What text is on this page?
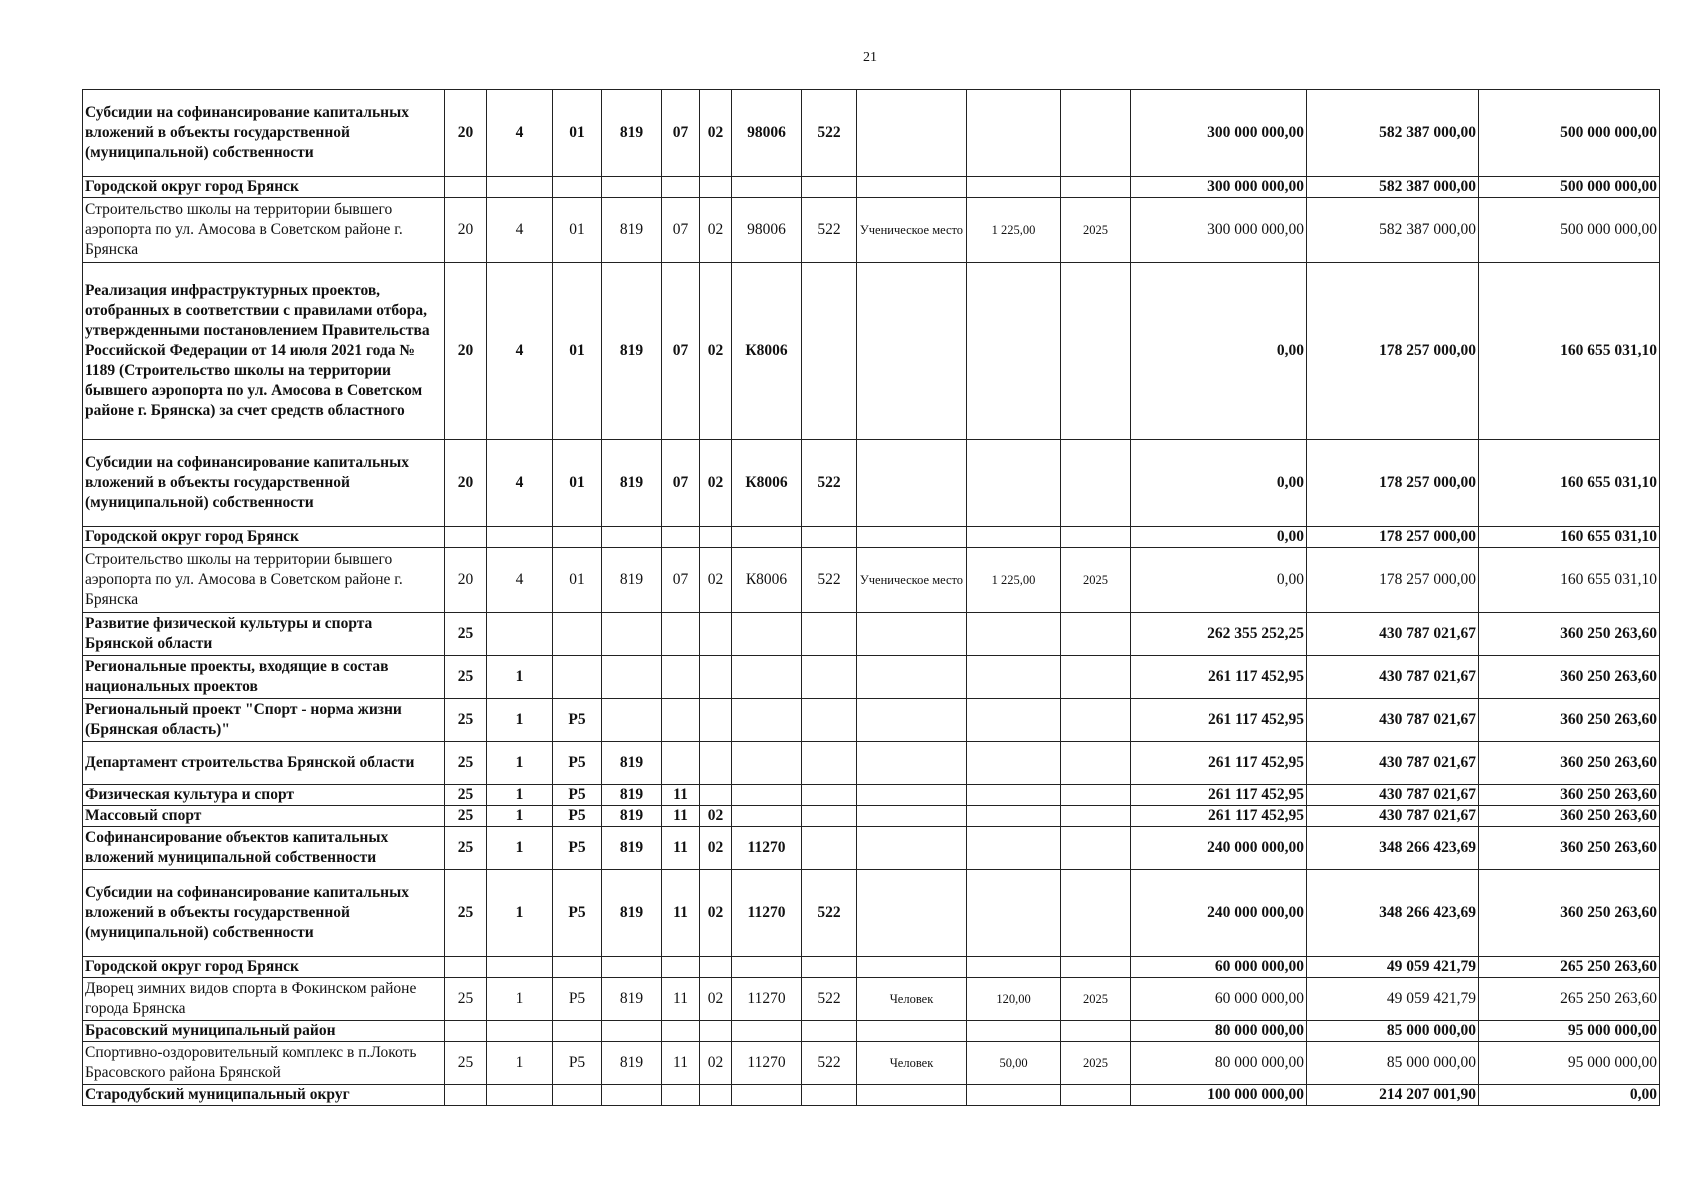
21
Субсидии на софинансирование капитальных вложений в объекты государственной (муниципальной) собственности	20	4	01	819	07	02	98006	522				300 000 000,00	582 387 000,00	500 000 000,00
Городской округ город Брянск												300 000 000,00	582 387 000,00	500 000 000,00
Строительство школы на территории бывшего аэропорта по ул. Амосова в Советском районе г. Брянска	20	4	01	819	07	02	98006	522	Ученическое место	1 225,00	2025	300 000 000,00	582 387 000,00	500 000 000,00
Реализация инфраструктурных проектов, отобранных в соответствии с правилами отбора, утвержденными постановлением Правительства Российской Федерации от 14 июля 2021 года № 1189 (Строительство школы на территории бывшего аэропорта по ул. Амосова в Советском районе г. Брянска) за счет средств областного	20	4	01	819	07	02	К8006					0,00	178 257 000,00	160 655 031,10
Субсидии на софинансирование капитальных вложений в объекты государственной (муниципальной) собственности	20	4	01	819	07	02	К8006	522				0,00	178 257 000,00	160 655 031,10
Городской округ город Брянск												0,00	178 257 000,00	160 655 031,10
Строительство школы на территории бывшего аэропорта по ул. Амосова в Советском районе г. Брянска	20	4	01	819	07	02	К8006	522	Ученическое место	1 225,00	2025	0,00	178 257 000,00	160 655 031,10
Развитие физической культуры и спорта Брянской области	25											262 355 252,25	430 787 021,67	360 250 263,60
Региональные проекты, входящие в состав национальных проектов	25	1										261 117 452,95	430 787 021,67	360 250 263,60
Региональный проект "Спорт - норма жизни (Брянская область)"	25	1	Р5									261 117 452,95	430 787 021,67	360 250 263,60
Департамент строительства Брянской области	25	1	Р5	819								261 117 452,95	430 787 021,67	360 250 263,60
Физическая культура и спорт	25	1	Р5	819	11							261 117 452,95	430 787 021,67	360 250 263,60
Массовый спорт	25	1	Р5	819	11	02						261 117 452,95	430 787 021,67	360 250 263,60
Софинансирование объектов капитальных вложений муниципальной собственности	25	1	Р5	819	11	02	11270					240 000 000,00	348 266 423,69	360 250 263,60
Субсидии на софинансирование капитальных вложений в объекты государственной (муниципальной) собственности	25	1	Р5	819	11	02	11270	522				240 000 000,00	348 266 423,69	360 250 263,60
Городской округ город Брянск												60 000 000,00	49 059 421,79	265 250 263,60
Дворец зимних видов спорта в Фокинском районе города Брянска	25	1	Р5	819	11	02	11270	522	Человек	120,00	2025	60 000 000,00	49 059 421,79	265 250 263,60
Брасовский муниципальный район												80 000 000,00	85 000 000,00	95 000 000,00
Спортивно-оздоровительный комплекс в п.Локоть Брасовского района Брянской	25	1	Р5	819	11	02	11270	522	Человек	50,00	2025	80 000 000,00	85 000 000,00	95 000 000,00
Стародубский муниципальный округ												100 000 000,00	214 207 001,90	0,00
